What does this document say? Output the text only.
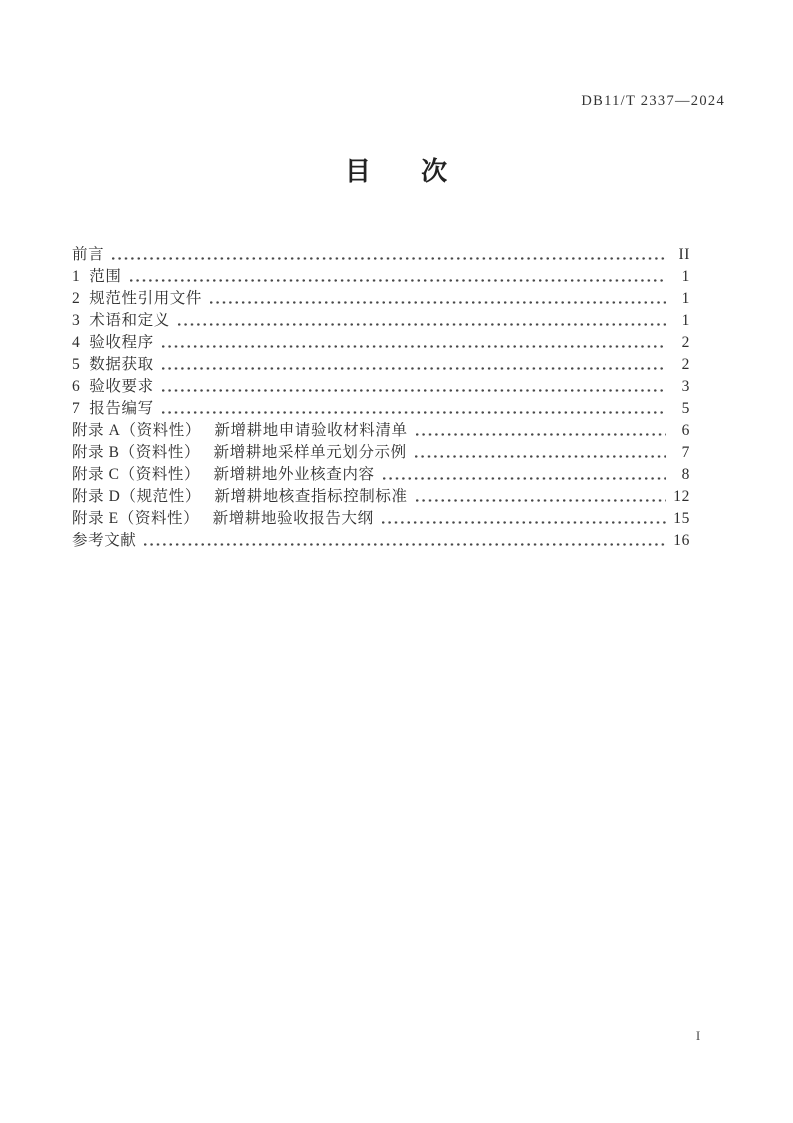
DB11/T 2337—2024
目      次
前言	II
1  范围	1
2  规范性引用文件	1
3  术语和定义	1
4  验收程序	2
5  数据获取	2
6  验收要求	3
7  报告编写	5
附录 A（资料性）   新增耕地申请验收材料清单	6
附录 B（资料性）   新增耕地采样单元划分示例	7
附录 C（资料性）   新增耕地外业核查内容	8
附录 D（规范性）   新增耕地核查指标控制标准	12
附录 E（资料性）   新增耕地验收报告大纲	15
参考文献	16
I
